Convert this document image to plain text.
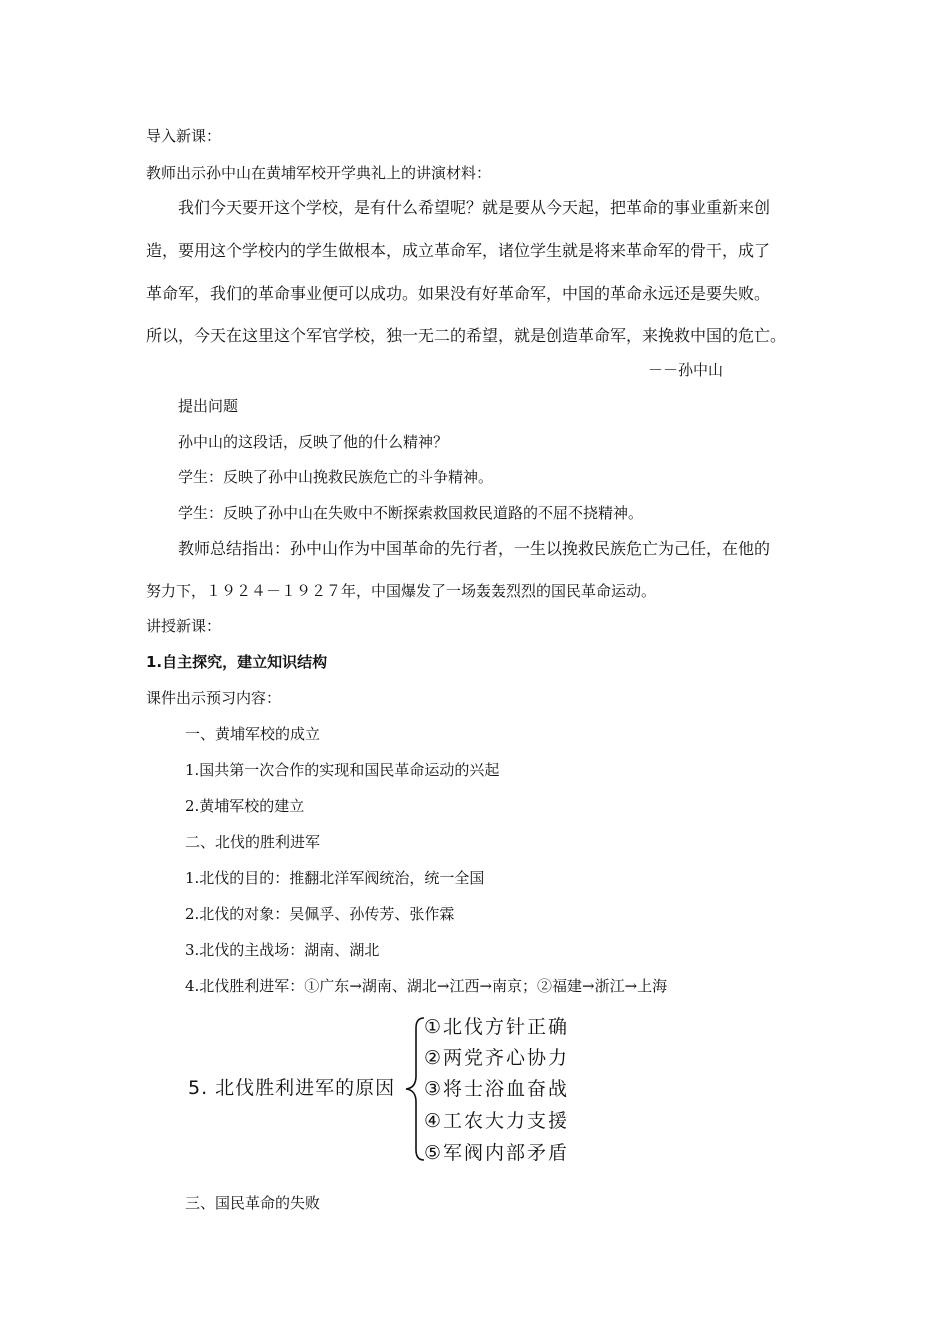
导入新课：
教师出示孙中山在黄埔军校开学典礼上的讲演材料：
我们今天要开这个学校，是有什么希望呢？就是要从今天起，把革命的事业重新来创
造，要用这个学校内的学生做根本，成立革命军，诸位学生就是将来革命军的骨干，成了
革命军，我们的革命事业便可以成功。如果没有好革命军，中国的革命永远还是要失败。
所以，今天在这里这个军官学校，独一无二的希望，就是创造革命军，来挽救中国的危亡。
－－孙中山
提出问题
孙中山的这段话，反映了他的什么精神？
学生：反映了孙中山挽救民族危亡的斗争精神。
学生：反映了孙中山在失败中不断探索救国救民道路的不屈不挠精神。
教师总结指出：孙中山作为中国革命的先行者，一生以挽救民族危亡为己任，在他的
努力下，１９２４－１９２７年，中国爆发了一场轰轰烈烈的国民革命运动。
讲授新课：
1.自主探究，建立知识结构
课件出示预习内容：
一、黄埔军校的成立
1.国共第一次合作的实现和国民革命运动的兴起
2.黄埔军校的建立
二、北伐的胜利进军
1.北伐的目的：推翻北洋军阀统治，统一全国
2.北伐的对象：吴佩孚、孙传芳、张作霖
3.北伐的主战场：湖南、湖北
4.北伐胜利进军：①广东→湖南、湖北→江西→南京；②福建→浙江→上海
5. 北伐胜利进军的原因
①北伐方针正确
②两党齐心协力
③将士浴血奋战
④工农大力支援
⑤军阀内部矛盾
三、国民革命的失败
